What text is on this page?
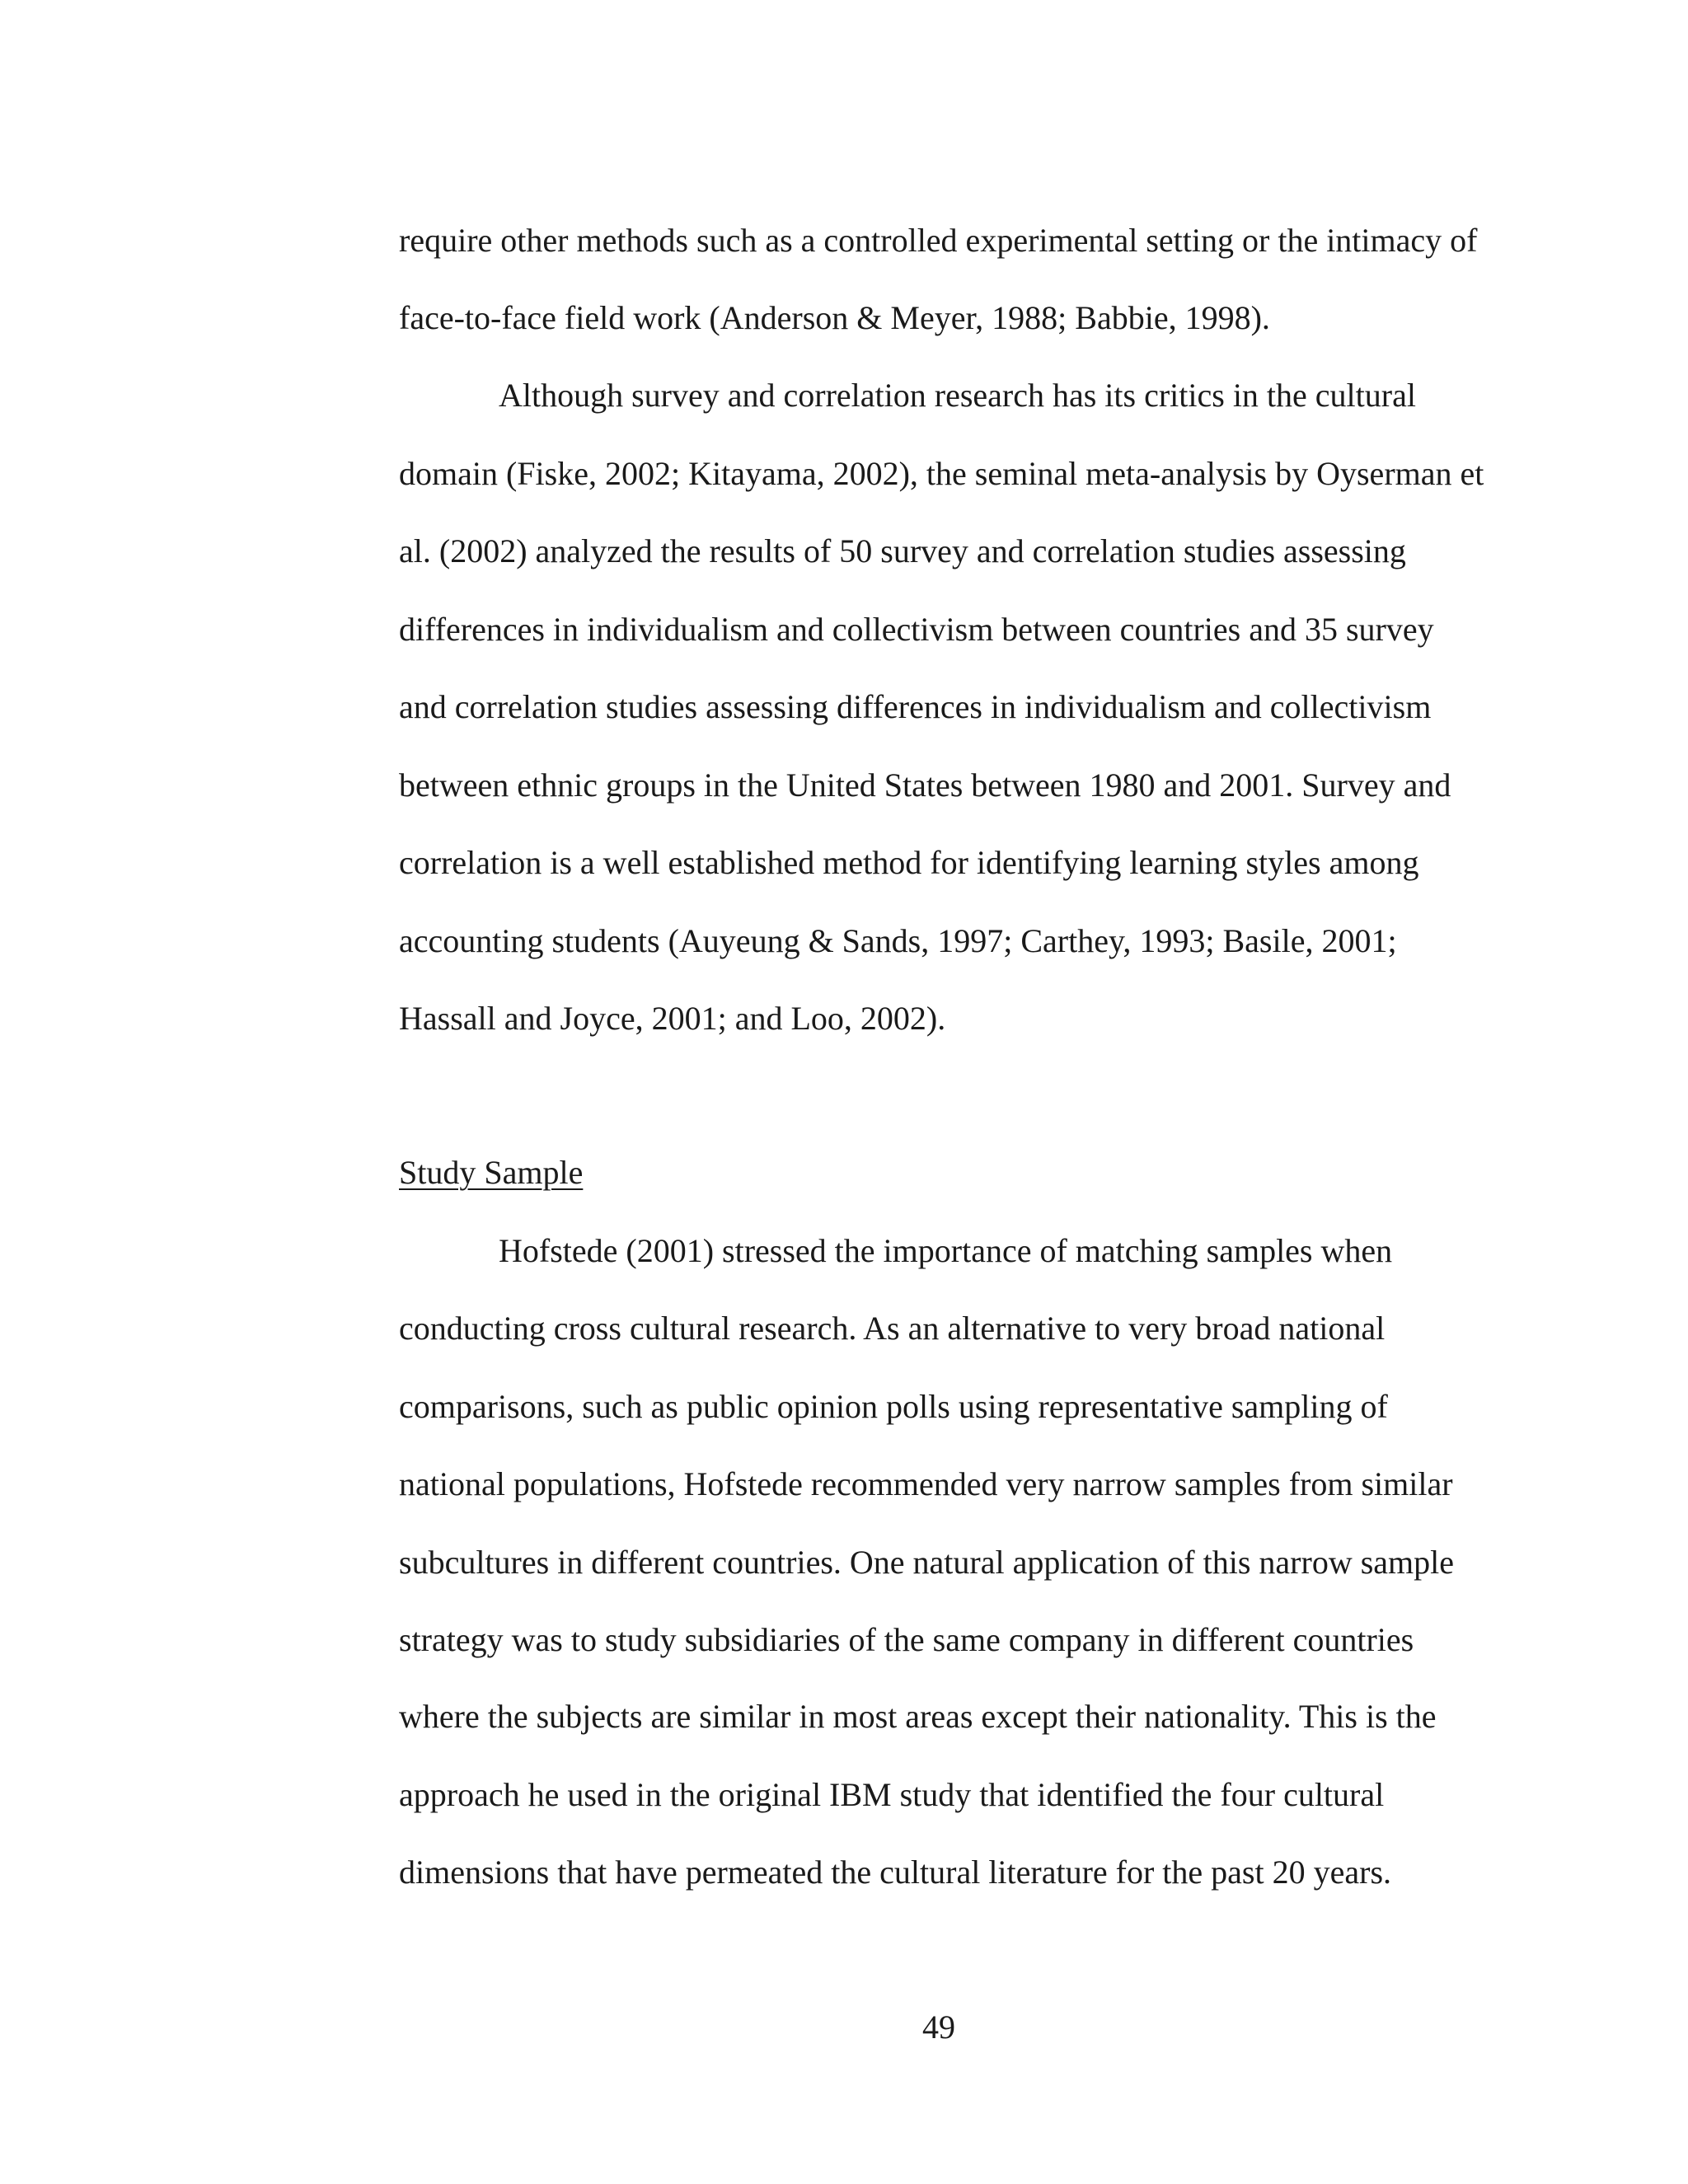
require other methods such as a controlled experimental setting or the intimacy of
face-to-face field work (Anderson & Meyer, 1988; Babbie, 1998).
Although survey and correlation research has its critics in the cultural
domain (Fiske, 2002; Kitayama, 2002), the seminal meta-analysis by Oyserman et
al. (2002) analyzed the results of 50 survey and correlation studies assessing
differences in individualism and collectivism between countries and 35 survey
and correlation studies assessing differences in individualism and collectivism
between ethnic groups in the United States between 1980 and 2001. Survey and
correlation is a well established method for identifying learning styles among
accounting students (Auyeung & Sands, 1997; Carthey, 1993; Basile, 2001;
Hassall and Joyce, 2001; and Loo, 2002).
Study Sample
Hofstede (2001) stressed the importance of matching samples when
conducting cross cultural research. As an alternative to very broad national
comparisons, such as public opinion polls using representative sampling of
national populations, Hofstede recommended very narrow samples from similar
subcultures in different countries. One natural application of this narrow sample
strategy was to study subsidiaries of the same company in different countries
where the subjects are similar in most areas except their nationality. This is the
approach he used in the original IBM study that identified the four cultural
dimensions that have permeated the cultural literature for the past 20 years.
49
